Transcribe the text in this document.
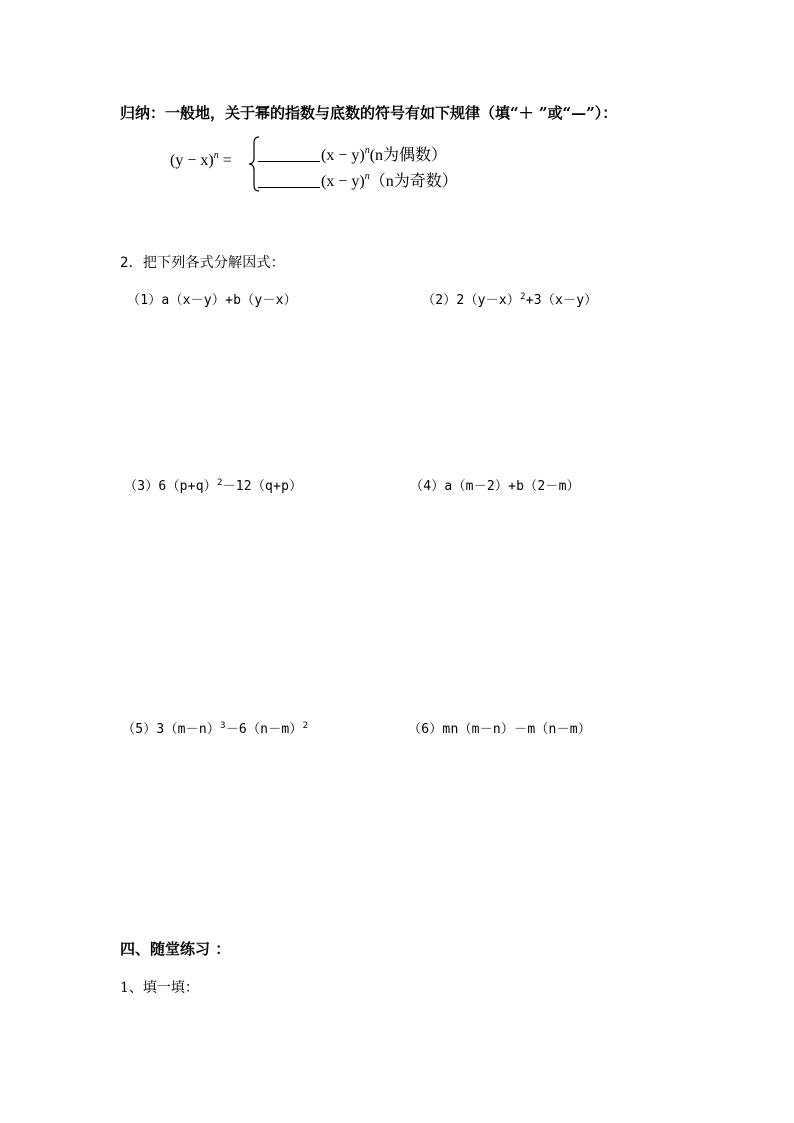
归纳：一般地，关于幂的指数与底数的符号有如下规律（填“＋ ”或“—”）：
$(y - x)^n$ =	$(x - y)^n(n$为偶数）
$(x - y)^n(n$为奇数）
2．把下列各式分解因式：
（1）a（x－y）+b（y－x）	$(2)2(y-x)^2+3(x-y)$
$(3)6(p+q)^2-12(q+p)$	（4）a（m－2）+b（2－m）
$(5)3(m-n)^3-6(n-m)^2$	（6）mn（m－n）－m（n－m）
四、随堂练习 ：
1、填一填：
